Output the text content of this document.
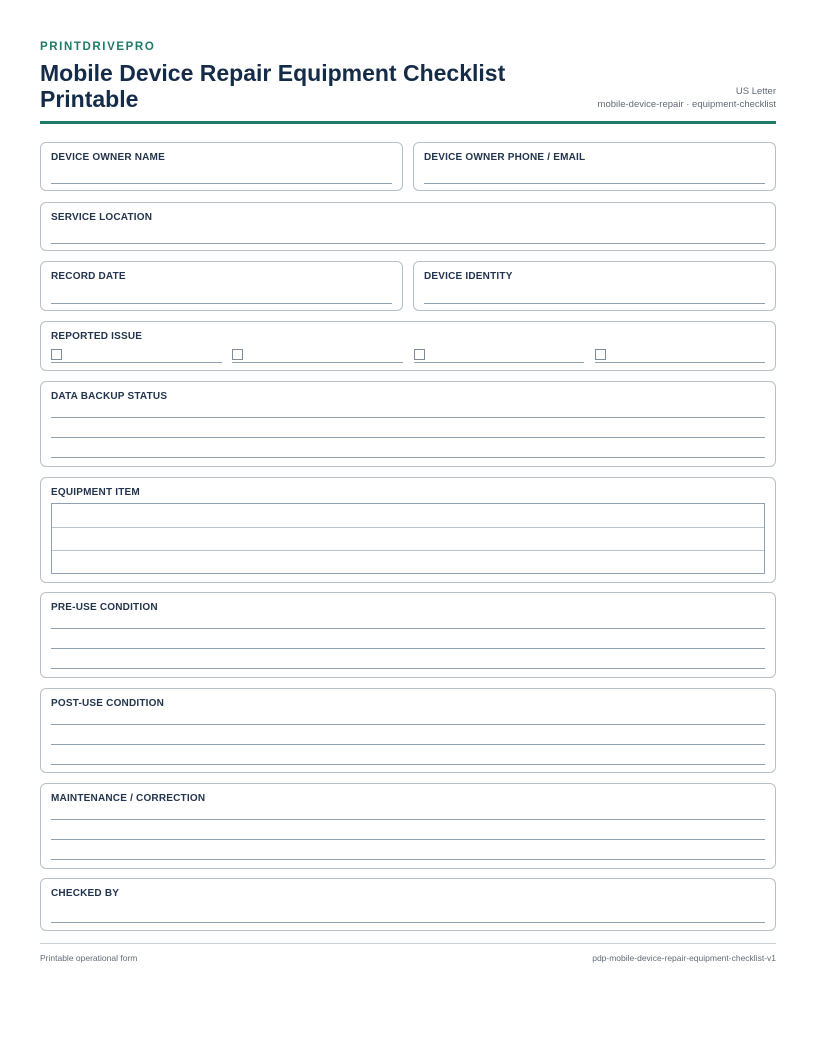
PRINTDRIVEPRO
Mobile Device Repair Equipment Checklist Printable	US Letter
mobile-device-repair · equipment-checklist
DEVICE OWNER NAME	DEVICE OWNER PHONE / EMAIL
SERVICE LOCATION
RECORD DATE	DEVICE IDENTITY
REPORTED ISSUE
DATA BACKUP STATUS
EQUIPMENT ITEM
PRE-USE CONDITION
POST-USE CONDITION
MAINTENANCE / CORRECTION
CHECKED BY
Printable operational form	pdp-mobile-device-repair-equipment-checklist-v1
